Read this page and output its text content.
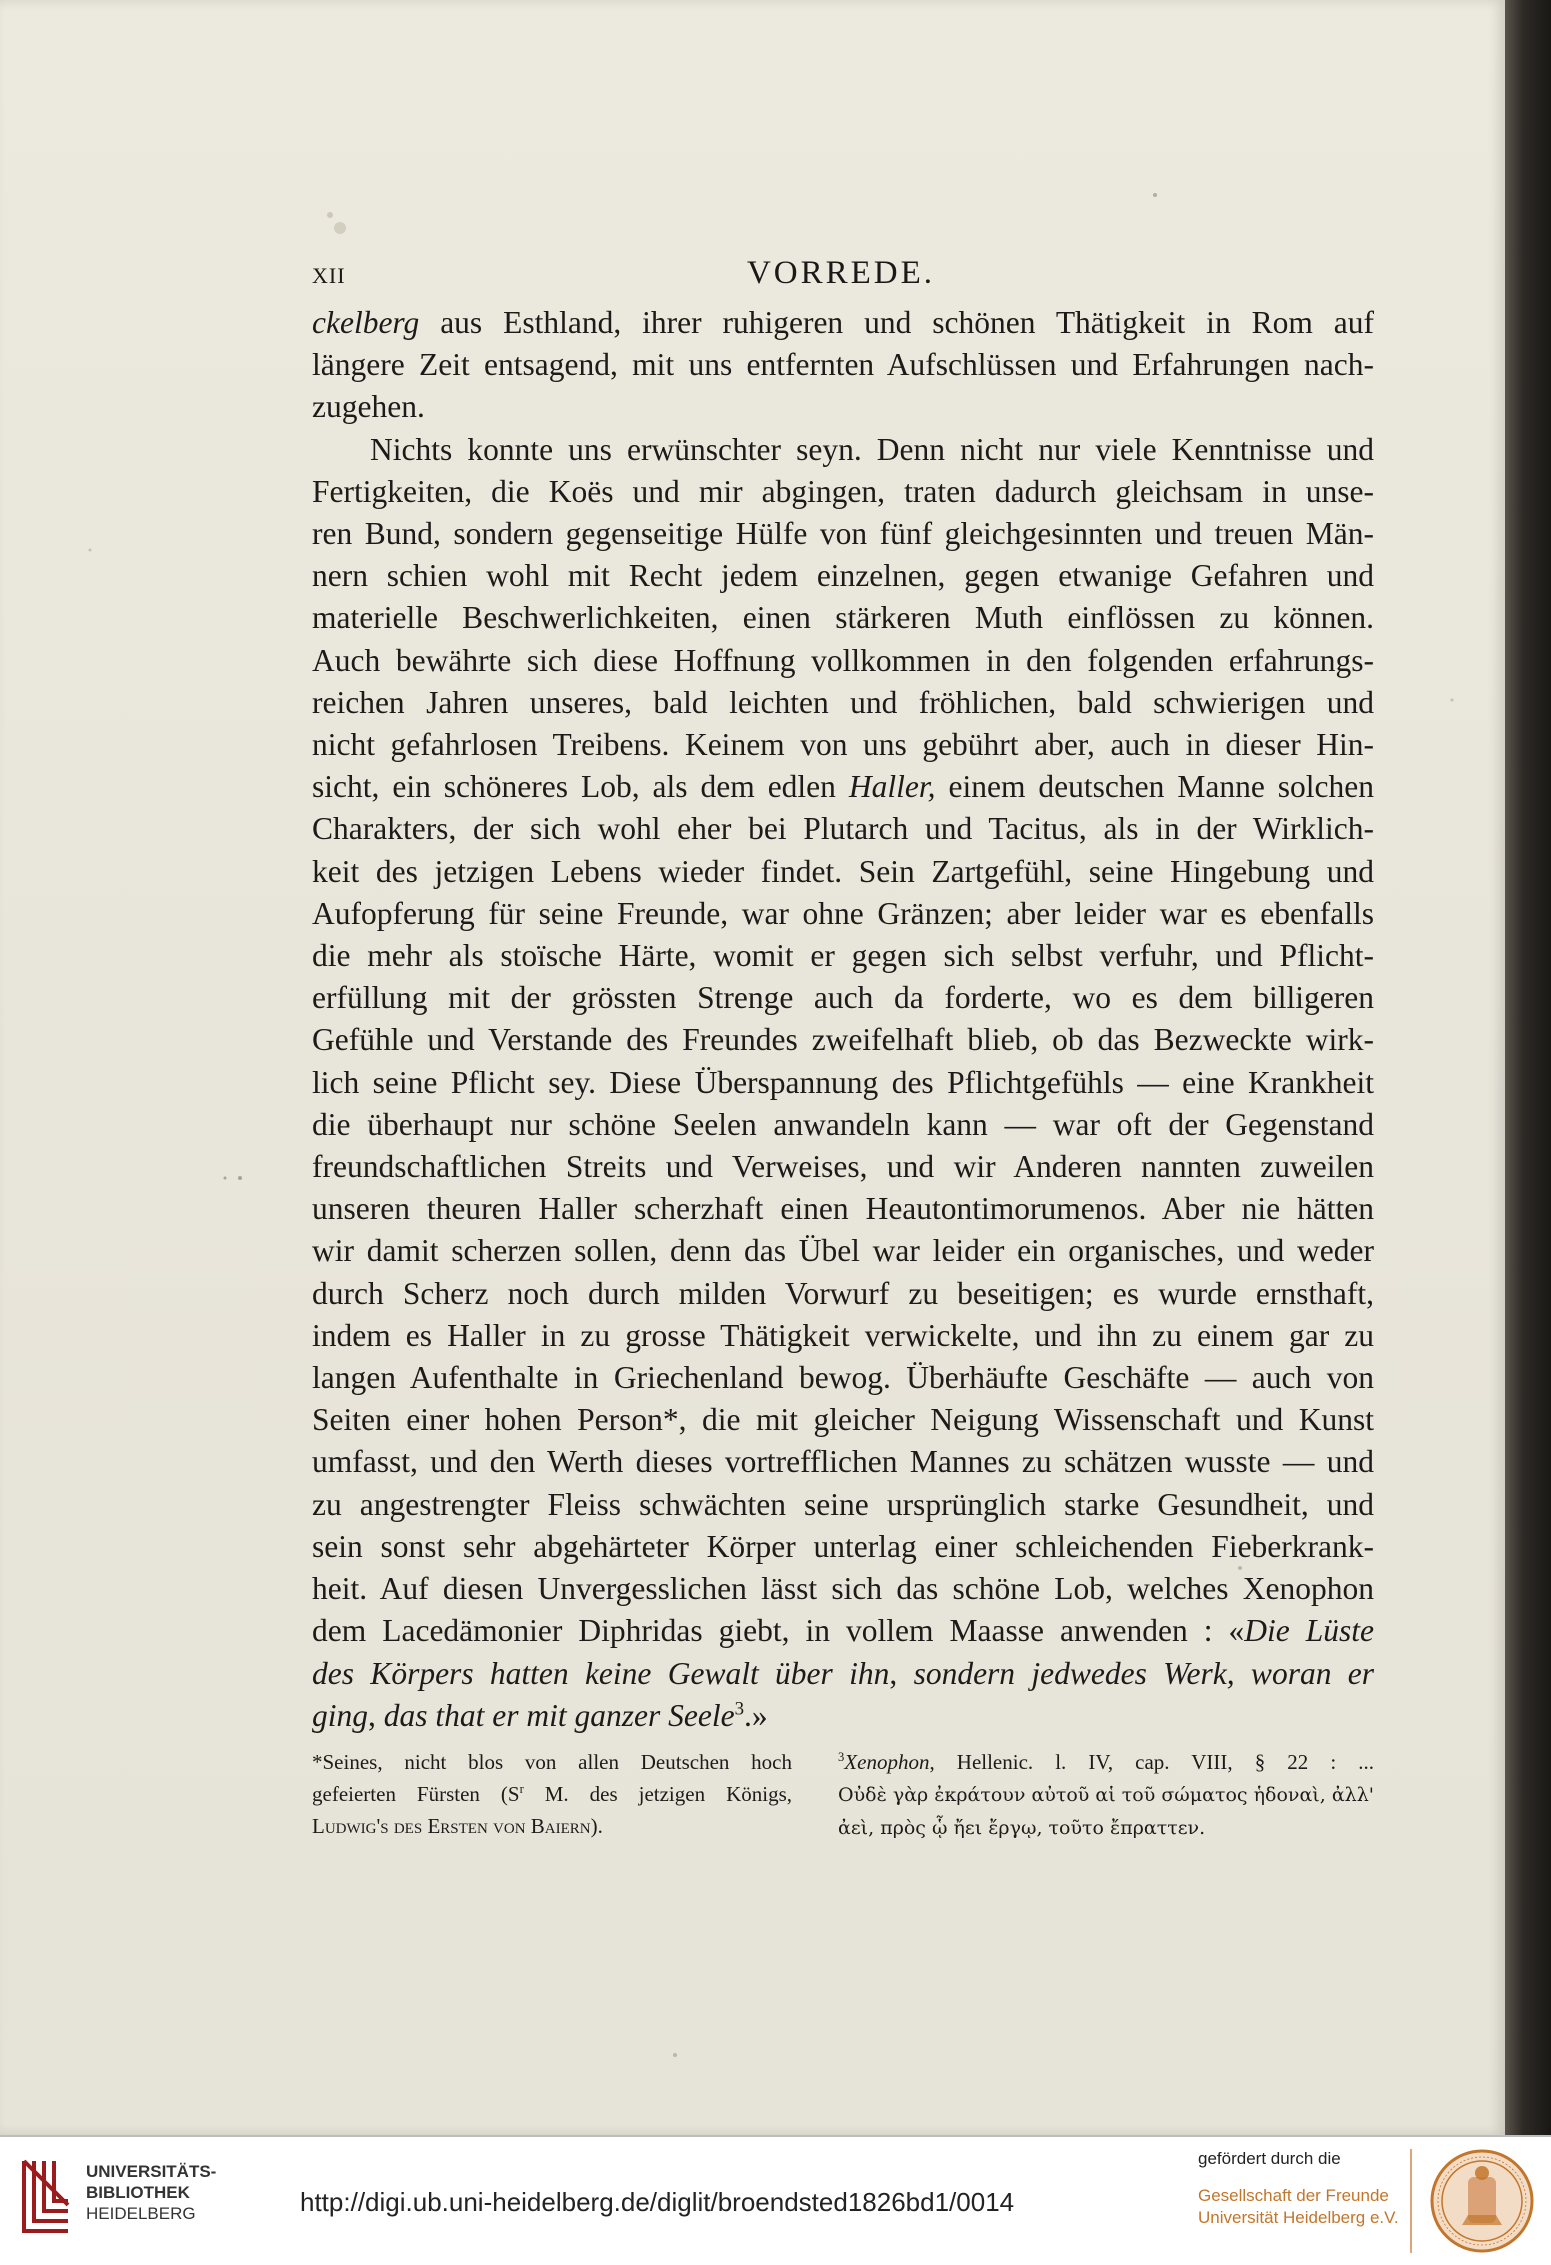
XII	VORREDE.
ckelberg aus Esthland, ihrer ruhigeren und schönen Thätigkeit in Rom auf
längere Zeit entsagend, mit uns entfernten Aufschlüssen und Erfahrungen nach-
zugehen.
Nichts konnte uns erwünschter seyn. Denn nicht nur viele Kenntnisse und
Fertigkeiten, die Koës und mir abgingen, traten dadurch gleichsam in unse-
ren Bund, sondern gegenseitige Hülfe von fünf gleichgesinnten und treuen Män-
nern schien wohl mit Recht jedem einzelnen, gegen etwanige Gefahren und
materielle Beschwerlichkeiten, einen stärkeren Muth einflössen zu können.
Auch bewährte sich diese Hoffnung vollkommen in den folgenden erfahrungs-
reichen Jahren unseres, bald leichten und fröhlichen, bald schwierigen und
nicht gefahrlosen Treibens. Keinem von uns gebührt aber, auch in dieser Hin-
sicht, ein schöneres Lob, als dem edlen Haller, einem deutschen Manne solchen
Charakters, der sich wohl eher bei Plutarch und Tacitus, als in der Wirklich-
keit des jetzigen Lebens wieder findet. Sein Zartgefühl, seine Hingebung und
Aufopferung für seine Freunde, war ohne Gränzen; aber leider war es ebenfalls
die mehr als stoïsche Härte, womit er gegen sich selbst verfuhr, und Pflicht-
erfüllung mit der grössten Strenge auch da forderte, wo es dem billigeren
Gefühle und Verstande des Freundes zweifelhaft blieb, ob das Bezweckte wirk-
lich seine Pflicht sey. Diese Überspannung des Pflichtgefühls — eine Krankheit
die überhaupt nur schöne Seelen anwandeln kann — war oft der Gegenstand
freundschaftlichen Streits und Verweises, und wir Anderen nannten zuweilen
unseren theuren Haller scherzhaft einen Heautontimorumenos. Aber nie hätten
wir damit scherzen sollen, denn das Übel war leider ein organisches, und weder
durch Scherz noch durch milden Vorwurf zu beseitigen; es wurde ernsthaft,
indem es Haller in zu grosse Thätigkeit verwickelte, und ihn zu einem gar zu
langen Aufenthalte in Griechenland bewog. Überhäufte Geschäfte — auch von
Seiten einer hohen Person*, die mit gleicher Neigung Wissenschaft und Kunst
umfasst, und den Werth dieses vortrefflichen Mannes zu schätzen wusste — und
zu angestrengter Fleiss schwächten seine ursprünglich starke Gesundheit, und
sein sonst sehr abgehärteter Körper unterlag einer schleichenden Fieberkrank-
heit. Auf diesen Unvergesslichen lässt sich das schöne Lob, welches Xenophon
dem Lacedämonier Diphridas giebt, in vollem Maasse anwenden : «Die Lüste
des Körpers hatten keine Gewalt über ihn, sondern jedwedes Werk, woran er
ging, das that er mit ganzer Seele$^3$.»
*Seines, nicht blos von allen Deutschen hoch
gefeierten Fürsten ($S^r$ M. des jetzigen Königs,
Ludwig's des Ersten von Baiern).
$^3$Xenophon, Hellenic. l. IV, cap. VIII, § 22 : ...
Οὐδὲ γὰρ ἐκράτουν αὐτοῦ αἱ τοῦ σώματος ἡδοναὶ, ἀλλ'
ἀεὶ, πρὸς ᾧ ἤει ἔργῳ, τοῦτο ἔπραττεν.
UNIVERSITÄTS-
BIBLIOTHEK
HEIDELBERG	http://digi.ub.uni-heidelberg.de/diglit/broendsted1826bd1/0014
gefördert durch die
Gesellschaft der Freunde
Universität Heidelberg e.V.
